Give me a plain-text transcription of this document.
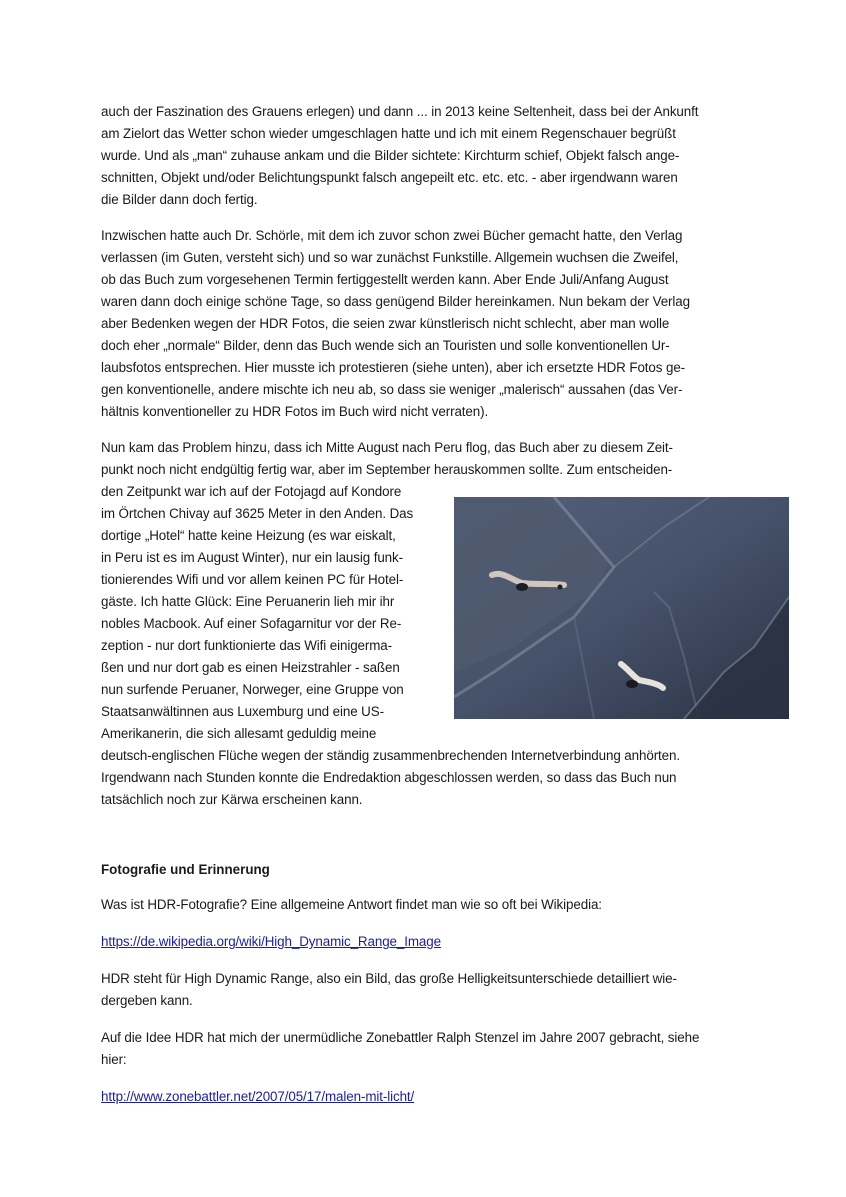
auch der Faszination des Grauens erlegen) und dann ... in 2013 keine Seltenheit, dass bei der Ankunft
am Zielort das Wetter schon wieder umgeschlagen hatte und ich mit einem Regenschauer begrüßt
wurde. Und als „man“ zuhause ankam und die Bilder sichtete: Kirchturm schief, Objekt falsch ange-
schnitten, Objekt und/oder Belichtungspunkt falsch angepeilt etc. etc. etc. - aber irgendwann waren
die Bilder dann doch fertig.
Inzwischen hatte auch Dr. Schörle, mit dem ich zuvor schon zwei Bücher gemacht hatte, den Verlag
verlassen (im Guten, versteht sich) und so war zunächst Funkstille. Allgemein wuchsen die Zweifel,
ob das Buch zum vorgesehenen Termin fertiggestellt werden kann. Aber Ende Juli/Anfang August
waren dann doch einige schöne Tage, so dass genügend Bilder hereinkamen. Nun bekam der Verlag
aber Bedenken wegen der HDR Fotos, die seien zwar künstlerisch nicht schlecht, aber man wolle
doch eher „normale“ Bilder, denn das Buch wende sich an Touristen und solle konventionellen Ur-
laubsfotos entsprechen. Hier musste ich protestieren (siehe unten), aber ich ersetzte HDR Fotos ge-
gen konventionelle, andere mischte ich neu ab, so dass sie weniger „malerisch“ aussahen (das Ver-
hältnis konventioneller zu HDR Fotos im Buch wird nicht verraten).
Nun kam das Problem hinzu, dass ich Mitte August nach Peru flog, das Buch aber zu diesem Zeit-
punkt noch nicht endgültig fertig war, aber im September herauskommen sollte. Zum entscheiden-
den Zeitpunkt war ich auf der Fotojagd auf Kondore
im Örtchen Chivay auf 3625 Meter in den Anden. Das
dortige „Hotel“ hatte keine Heizung (es war eiskalt,
in Peru ist es im August Winter), nur ein lausig funk-
tionierendes Wifi und vor allem keinen PC für Hotel-
gäste. Ich hatte Glück: Eine Peruanerin lieh mir ihr
nobles Macbook. Auf einer Sofagarnitur vor der Re-
zeption - nur dort funktionierte das Wifi einigerma-
ßen und nur dort gab es einen Heizstrahler - saßen
nun surfende Peruaner, Norweger, eine Gruppe von
Staatsanwältinnen aus Luxemburg und eine US-
Amerikanerin, die sich allesamt geduldig meine
deutsch-englischen Flüche wegen der ständig zusammenbrechenden Internetverbindung anhörten.
Irgendwann nach Stunden konnte die Endredaktion abgeschlossen werden, so dass das Buch nun
tatsächlich noch zur Kärwa erscheinen kann.
Fotografie und Erinnerung
Was ist HDR-Fotografie? Eine allgemeine Antwort findet man wie so oft bei Wikipedia:
https://de.wikipedia.org/wiki/High_Dynamic_Range_Image
HDR steht für High Dynamic Range, also ein Bild, das große Helligkeitsunterschiede detailliert wie-
dergeben kann.
Auf die Idee HDR hat mich der unermüdliche Zonebattler Ralph Stenzel im Jahre 2007 gebracht, siehe
hier:
http://www.zonebattler.net/2007/05/17/malen-mit-licht/
